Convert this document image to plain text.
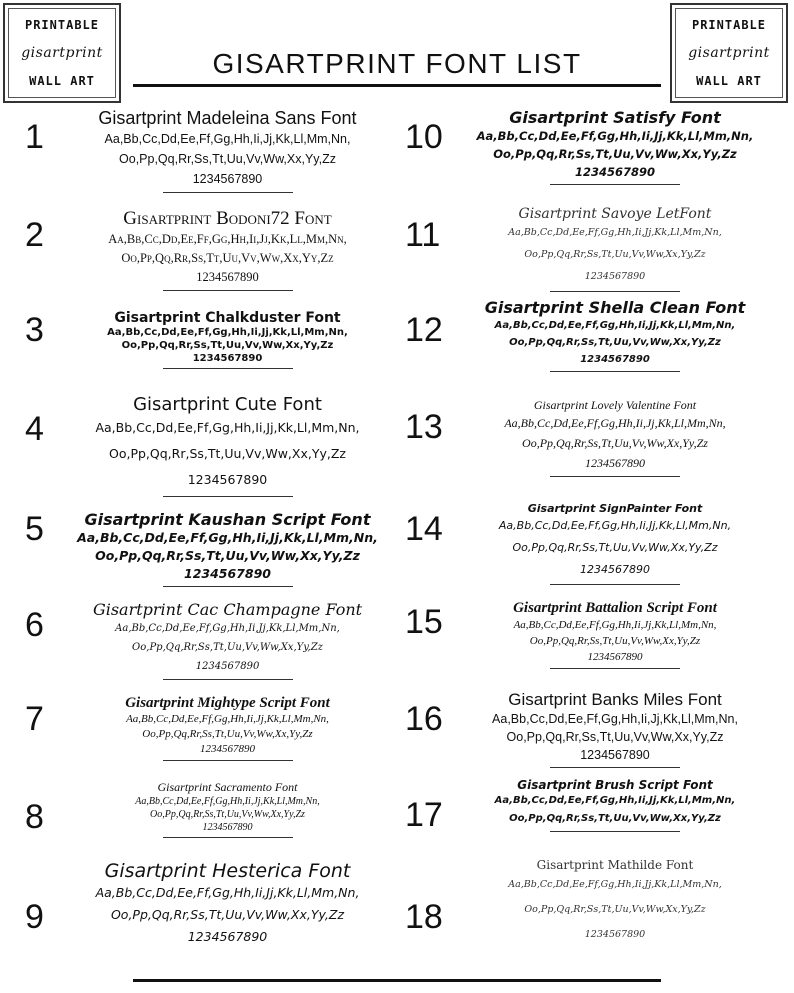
PRINTABLE
gisartprint
WALL ART
PRINTABLE
gisartprint
WALL ART
GISARTPRINT FONT LIST
1	Gisartprint Madeleina Sans Font
Aa,Bb,Cc,Dd,Ee,Ff,Gg,Hh,Ii,Jj,Kk,Ll,Mm,Nn,
Oo,Pp,Qq,Rr,Ss,Tt,Uu,Vv,Ww,Xx,Yy,Zz
1234567890
2	Gisartprint Bodoni72 Font
Aa,Bb,Cc,Dd,Ee,Ff,Gg,Hh,Ii,Jj,Kk,Ll,Mm,Nn,
Oo,Pp,Qq,Rr,Ss,Tt,Uu,Vv,Ww,Xx,Yy,Zz
1234567890
3	Gisartprint Chalkduster Font
Aa,Bb,Cc,Dd,Ee,Ff,Gg,Hh,Ii,Jj,Kk,Ll,Mm,Nn,
Oo,Pp,Qq,Rr,Ss,Tt,Uu,Vv,Ww,Xx,Yy,Zz
1234567890
4
Gisartprint Cute Font
Aa,Bb,Cc,Dd,Ee,Ff,Gg,Hh,Ii,Jj,Kk,Ll,Mm,Nn,
Oo,Pp,Qq,Rr,Ss,Tt,Uu,Vv,Ww,Xx,Yy,Zz
1234567890
5	Gisartprint Kaushan Script Font
Aa,Bb,Cc,Dd,Ee,Ff,Gg,Hh,Ii,Jj,Kk,Ll,Mm,Nn,
Oo,Pp,Qq,Rr,Ss,Tt,Uu,Vv,Ww,Xx,Yy,Zz
1234567890
6	Gisartprint Cac Champagne Font
Aa,Bb,Cc,Dd,Ee,Ff,Gg,Hh,Ii,Jj,Kk,Ll,Mm,Nn,
Oo,Pp,Qq,Rr,Ss,Tt,Uu,Vv,Ww,Xx,Yy,Zz
1234567890
7	Gisartprint Mightype Script Font
Aa,Bb,Cc,Dd,Ee,Ff,Gg,Hh,Ii,Jj,Kk,Ll,Mm,Nn,
Oo,Pp,Qq,Rr,Ss,Tt,Uu,Vv,Ww,Xx,Yy,Zz
1234567890
8
Gisartprint Sacramento Font
Aa,Bb,Cc,Dd,Ee,Ff,Gg,Hh,Ii,Jj,Kk,Ll,Mm,Nn,
Oo,Pp,Qq,Rr,Ss,Tt,Uu,Vv,Ww,Xx,Yy,Zz
1234567890
9
Gisartprint Hesterica Font
Aa,Bb,Cc,Dd,Ee,Ff,Gg,Hh,Ii,Jj,Kk,Ll,Mm,Nn,
Oo,Pp,Qq,Rr,Ss,Tt,Uu,Vv,Ww,Xx,Yy,Zz
1234567890
10
Gisartprint Satisfy Font
Aa,Bb,Cc,Dd,Ee,Ff,Gg,Hh,Ii,Jj,Kk,Ll,Mm,Nn,
Oo,Pp,Qq,Rr,Ss,Tt,Uu,Vv,Ww,Xx,Yy,Zz
1234567890
11
Gisartprint Savoye LetFont
Aa,Bb,Cc,Dd,Ee,Ff,Gg,Hh,Ii,Jj,Kk,Ll,Mm,Nn,
Oo,Pp,Qq,Rr,Ss,Tt,Uu,Vv,Ww,Xx,Yy,Zz
1234567890
12
Gisartprint Shella Clean Font
Aa,Bb,Cc,Dd,Ee,Ff,Gg,Hh,Ii,Jj,Kk,Ll,Mm,Nn,
Oo,Pp,Qq,Rr,Ss,Tt,Uu,Vv,Ww,Xx,Yy,Zz
1234567890
13
Gisartprint Lovely Valentine Font
Aa,Bb,Cc,Dd,Ee,Ff,Gg,Hh,Ii,Jj,Kk,Ll,Mm,Nn,
Oo,Pp,Qq,Rr,Ss,Tt,Uu,Vv,Ww,Xx,Yy,Zz
1234567890
14
Gisartprint SignPainter Font
Aa,Bb,Cc,Dd,Ee,Ff,Gg,Hh,Ii,Jj,Kk,Ll,Mm,Nn,
Oo,Pp,Qq,Rr,Ss,Tt,Uu,Vv,Ww,Xx,Yy,Zz
1234567890
15	Gisartprint Battalion Script Font
Aa,Bb,Cc,Dd,Ee,Ff,Gg,Hh,Ii,Jj,Kk,Ll,Mm,Nn,
Oo,Pp,Qq,Rr,Ss,Tt,Uu,Vv,Ww,Xx,Yy,Zz
1234567890
16
Gisartprint Banks Miles Font
Aa,Bb,Cc,Dd,Ee,Ff,Gg,Hh,Ii,Jj,Kk,Ll,Mm,Nn,
Oo,Pp,Qq,Rr,Ss,Tt,Uu,Vv,Ww,Xx,Yy,Zz
1234567890
17
Gisartprint Brush Script Font
Aa,Bb,Cc,Dd,Ee,Ff,Gg,Hh,Ii,Jj,Kk,Ll,Mm,Nn,
Oo,Pp,Qq,Rr,Ss,Tt,Uu,Vv,Ww,Xx,Yy,Zz
18
Gisartprint Mathilde Font
Aa,Bb,Cc,Dd,Ee,Ff,Gg,Hh,Ii,Jj,Kk,Ll,Mm,Nn,
Oo,Pp,Qq,Rr,Ss,Tt,Uu,Vv,Ww,Xx,Yy,Zz
1234567890
